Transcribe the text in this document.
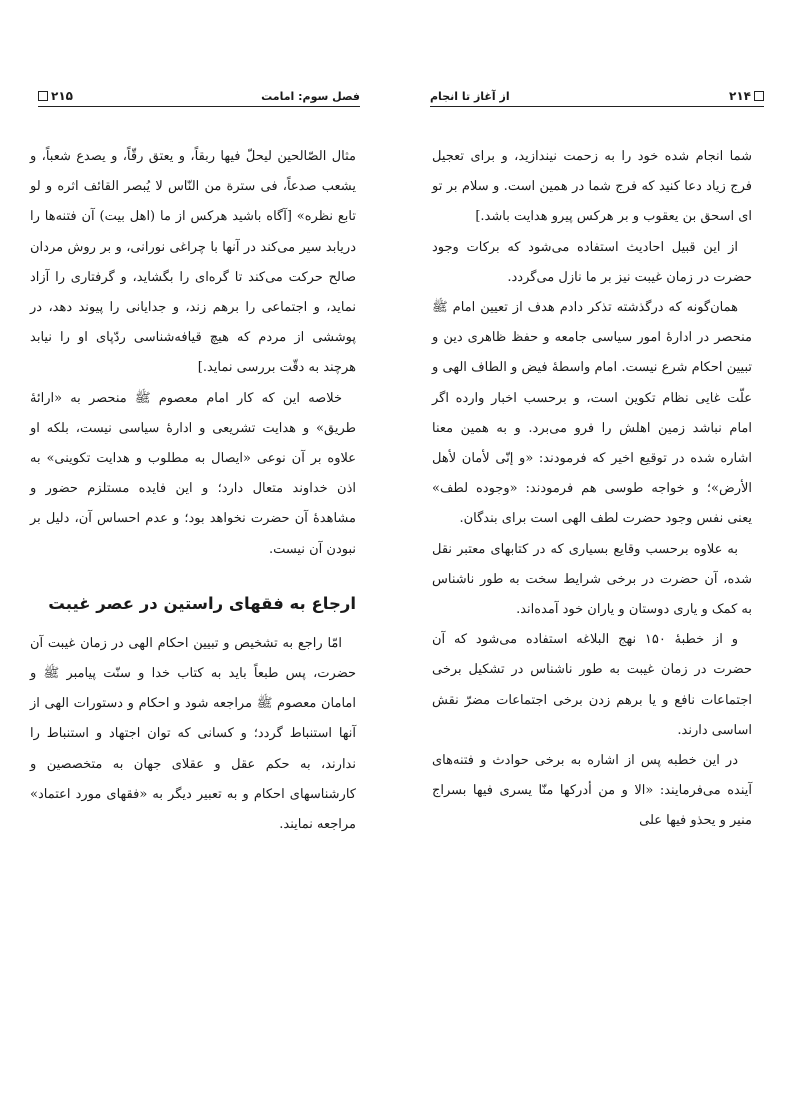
۲۱۵	فصل سوم: امامت

مثال الصّالحین لیحلّ فیها ربقاً، و یعتق رقّاً، و یصدع شعباً، و یشعب صدعاً، فی سترة من النّاس لا یُبصر القائف اثره و لو تابع نظره» [آگاه باشید هرکس از ما (اهل بیت) آن فتنه‌ها را دریابد سیر می‌کند در آنها با چراغی نورانی، و بر روش مردان صالح حرکت می‌کند تا گره‌ای را بگشاید، و گرفتاری را آزاد نماید، و اجتماعی را برهم زند، و جدایانی را پیوند دهد، در پوششی از مردم که هیچ قیافه‌شناسی ردّپای او را نیابد هرچند به دقّت بررسی نماید.]

خلاصه این که کار امام معصوم ﷺ منحصر به «ارائهٔ طریق» و هدایت تشریعی و ادارهٔ سیاسی نیست، بلکه او علاوه بر آن نوعی «ایصال به مطلوب و هدایت تکوینی» به اذن خداوند متعال دارد؛ و این فایده مستلزم حضور و مشاهدهٔ آن حضرت نخواهد بود؛ و عدم احساس آن، دلیل بر نبودن آن نیست.

ارجاع به فقهای راستین در عصر غیبت

امّا راجع به تشخیص و تبیین احکام الهی در زمان غیبت آن حضرت، پس طبعاً باید به کتاب خدا و سنّت پیامبر ﷺ و امامان معصوم ﷺ مراجعه شود و احکام و دستورات الهی از آنها استنباط گردد؛ و کسانی که توان اجتهاد و استنباط را ندارند، به حکم عقل و عقلای جهان به متخصصین و کارشناسهای احکام و به تعبیر دیگر به «فقهای مورد اعتماد» مراجعه نمایند.

از آغاز تا انجام	۲۱۴

شما انجام شده خود را به زحمت نیندازید، و برای تعجیل فرج زیاد دعا کنید که فرج شما در همین است. و سلام بر تو ای اسحق بن یعقوب و بر هرکس پیرو هدایت باشد.]

از این قبیل احادیث استفاده می‌شود که برکات وجود حضرت در زمان غیبت نیز بر ما نازل می‌گردد.

همان‌گونه که درگذشته تذکر دادم هدف از تعیین امام ﷺ منحصر در ادارهٔ امور سیاسی جامعه و حفظ ظاهری دین و تبیین احکام شرع نیست. امام واسطهٔ فیض و الطاف الهی و علّت غایی نظام تکوین است، و برحسب اخبار وارده اگر امام نباشد زمین اهلش را فرو می‌برد. و به همین معنا اشاره شده در توقیع اخیر که فرمودند: «و إنّی لأمان لأهل الأرض»؛ و خواجه طوسی هم فرمودند: «وجوده لطف» یعنی نفس وجود حضرت لطف الهی است برای بندگان.

به علاوه برحسب وقایع بسیاری که در کتابهای معتبر نقل شده، آن حضرت در برخی شرایط سخت به طور ناشناس به کمک و یاری دوستان و یاران خود آمده‌اند.

و از خطبهٔ ۱۵۰ نهج البلاغه استفاده می‌شود که آن حضرت در زمان غیبت به طور ناشناس در تشکیل برخی اجتماعات نافع و یا برهم زدن برخی اجتماعات مضرّ نقش اساسی دارند.

در این خطبه پس از اشاره به برخی حوادث و فتنه‌های آینده می‌فرمایند: «الا و من أدرکها منّا یسری فیها بسراج منیر و یحذو فیها علی
